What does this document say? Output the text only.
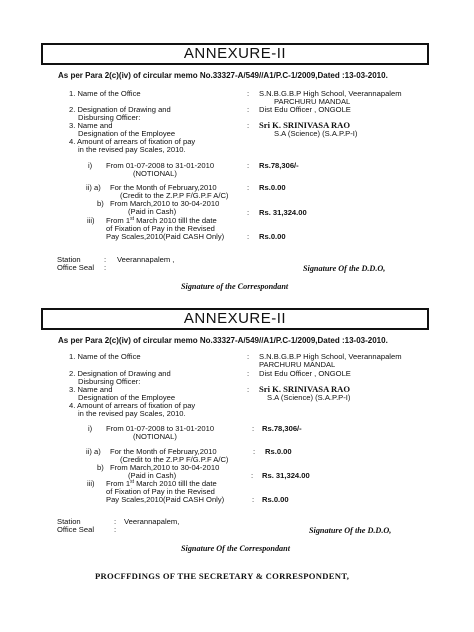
ANNEXURE-II
As per Para 2(c)(iv) of circular memo No.33327-A/549//A1/P.C-1/2009,Dated :13-03-2010.
1. Name of the Office	: S.N.B.G.B.P High School, Veerannapalem
PARCHURU MANDAL
2. Designation of Drawing and	: Dist Edu Officer , ONGOLE
Disbursing Officer:
3. Name and	: Sri K. SRINIVASA RAO
Designation of the Employee	S.A (Science) (S.A.P.P-I)
4. Amount of arrears of fixation of pay
in the revised pay Scales, 2010.
i) From 01-07-2008 to 31-01-2010	: Rs.78,306/-
(NOTIONAL)
ii) a) For the Month of February,2010	: Rs.0.00
(Credit to the Z.P.P F/G.P.F A/C)
b) From March,2010 to 30-04-2010
(Paid in Cash)	: Rs. 31,324.00
iii) From 1st March 2010 tilll the date
of Fixation of Pay in the Revised
Pay Scales,2010(Paid CASH Only)	: Rs.0.00
Station	: Veerannapalem ,
Office Seal :	Signature Of the D.D.O,
Signature of the Correspondant
ANNEXURE-II
As per Para 2(c)(iv) of circular memo No.33327-A/549//A1/P.C-1/2009,Dated :13-03-2010.
1. Name of the Office	: S.N.B.G.B.P High School, Veerannapalem
PARCHURU MANDAL
2. Designation of Drawing and	: Dist Edu Officer , ONGOLE
Disbursing Officer:
3. Name and	: Sri K. SRINIVASA RAO
Designation of the Employee	S.A (Science) (S.A.P.P-I)
4. Amount of arrears of fixation of pay
in the revised pay Scales, 2010.
i) From 01-07-2008 to 31-01-2010	: Rs.78,306/-
(NOTIONAL)
ii) a) For the Month of February,2010	: Rs.0.00
(Credit to the Z.P.P F/G.P.F A/C)
b) From March,2010 to 30-04-2010
(Paid in Cash)	: Rs. 31,324.00
iii) From 1st March 2010 tilll the date
of Fixation of Pay in the Revised
Pay Scales,2010(Paid CASH Only)	: Rs.0.00
Station	: Veerannapalem,
Office Seal	:	Signature Of the D.D.O,
Signature Of the Correspondant
PROCFFDINGS OF THE SECRETARY & CORRESPONDENT,
